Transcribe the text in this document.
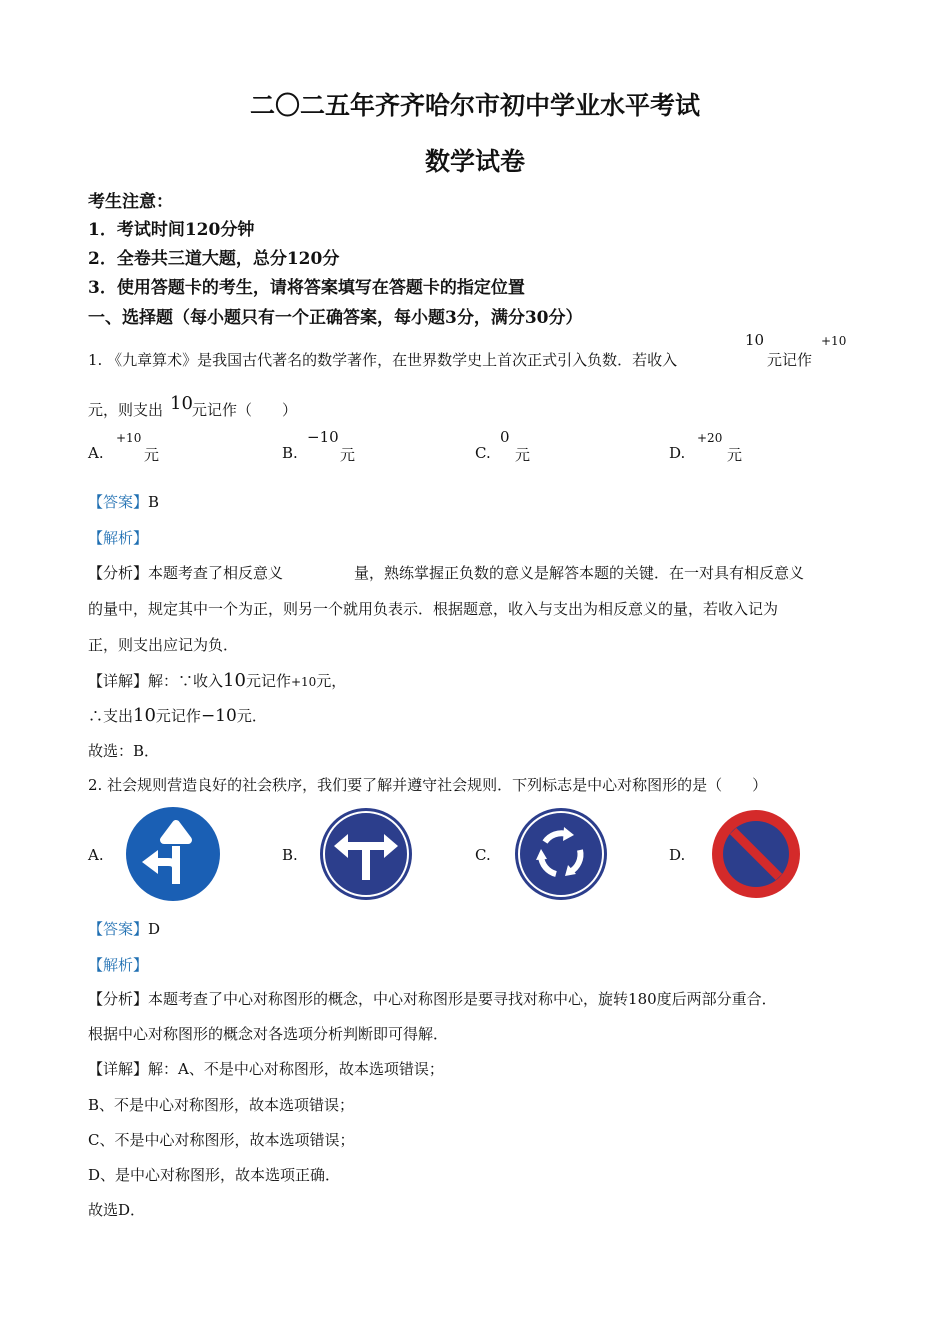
二〇二五年齐齐哈尔市初中学业水平考试
数学试卷
考生注意：
1．考试时间120分钟
2．全卷共三道大题，总分120分
3．使用答题卡的考生，请将答案填写在答题卡的指定位置
一、选择题（每小题只有一个正确答案，每小题3分，满分30分）
1. 《九章算术》是我国古代著名的数学著作，在世界数学史上首次正式引入负数．若收入
10
元记作
+10
元，则支出 10 元记作（　　）
A.
+10
元	B.
−10
元	C.
0
元	D.
+20
元
【答案】B
【解析】
【分析】本题考查了相反意义	量，熟练掌握正负数的意义是解答本题的关键．在一对具有相反意义
的量中，规定其中一个为正，则另一个就用负表示．根据题意，收入与支出为相反意义的量，若收入记为
正，则支出应记为负．
【详解】解：∵收入10元记作+10元，
∴支出10元记作−10元．
故选：B．
2. 社会规则营造良好的社会秩序，我们要了解并遵守社会规则．下列标志是中心对称图形的是（　　）
A.	B.	C.	D.
【答案】D
【解析】
【分析】本题考查了中心对称图形的概念，中心对称图形是要寻找对称中心，旋转180度后两部分重合．
根据中心对称图形的概念对各选项分析判断即可得解．
【详解】解：A、不是中心对称图形，故本选项错误；
B、不是中心对称图形，故本选项错误；
C、不是中心对称图形，故本选项错误；
D、是中心对称图形，故本选项正确．
故选D．
